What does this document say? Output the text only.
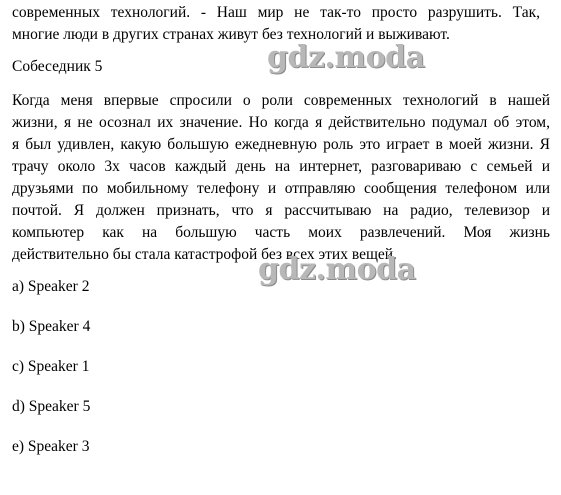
современных технологий. - Наш мир не так-то просто разрушить. Так,
многие люди в других странах живут без технологий и выживают.

Собеседник 5

Когда меня впервые спросили о роли современных технологий в нашей
жизни, я не осознал их значение. Но когда я действительно подумал об этом,
я был удивлен, какую большую ежедневную роль это играет в моей жизни. Я
трачу около 3х часов каждый день на интернет, разговариваю с семьей и
друзьями по мобильному телефону и отправляю сообщения телефоном или
почтой. Я должен признать, что я рассчитываю на радио, телевизор и
компьютер как на большую часть моих развлечений. Моя жизнь
действительно бы стала катастрофой без всех этих вещей.

gdz.moda
gdz.moda
a) Speaker 2
b) Speaker 4
c) Speaker 1
d) Speaker 5
e) Speaker 3
